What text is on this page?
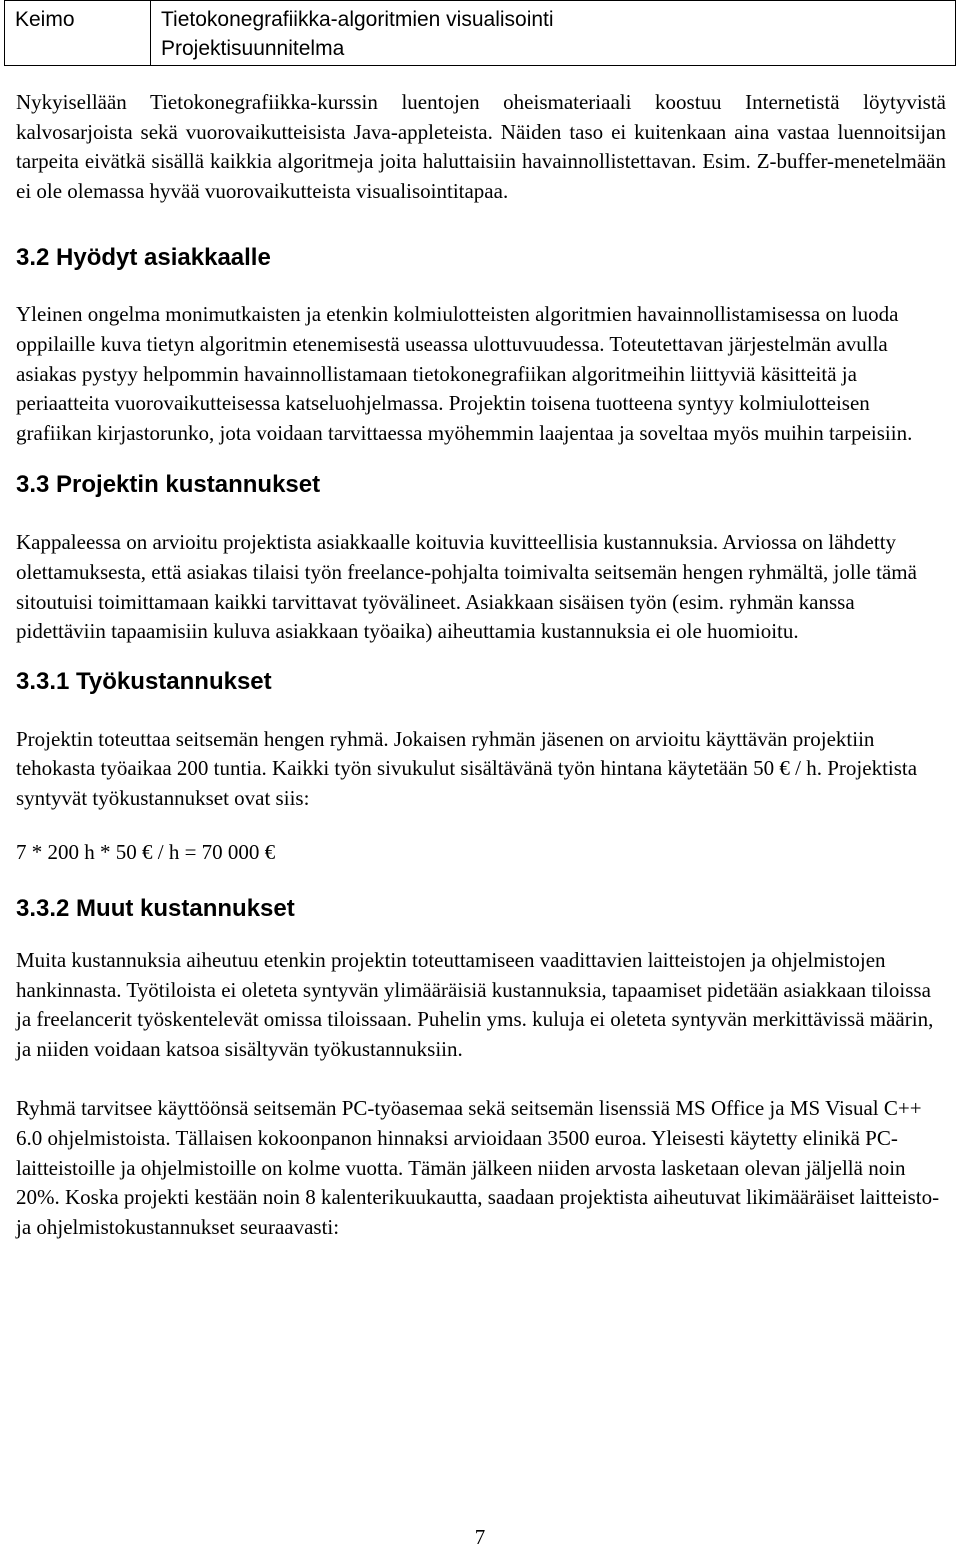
Keimo	Tietokonegrafiikka-algoritmien visualisointi
Projektisuunnitelma

Nykyisellään Tietokonegrafiikka-kurssin luentojen oheismateriaali koostuu Internetistä löytyvistä kalvosarjoista sekä vuorovaikutteisista Java-appleteista. Näiden taso ei kuitenkaan aina vastaa luennoitsijan tarpeita eivätkä sisällä kaikkia algoritmeja joita haluttaisiin havainnollistettavan. Esim. Z-buffer-menetelmään ei ole olemassa hyvää vuorovaikutteista visualisointitapaa.

3.2 Hyödyt asiakkaalle

Yleinen ongelma monimutkaisten ja etenkin kolmiulotteisten algoritmien havainnollistamisessa on luoda oppilaille kuva tietyn algoritmin etenemisestä useassa ulottuvuudessa. Toteutettavan järjestelmän avulla asiakas pystyy helpommin havainnollistamaan tietokonegrafiikan algoritmeihin liittyviä käsitteitä ja periaatteita vuorovaikutteisessa katseluohjelmassa. Projektin toisena tuotteena syntyy kolmiulotteisen grafiikan kirjastorunko, jota voidaan tarvittaessa myöhemmin laajentaa ja soveltaa myös muihin tarpeisiin.

3.3 Projektin kustannukset

Kappaleessa on arvioitu projektista asiakkaalle koituvia kuvitteellisia kustannuksia. Arviossa on lähdetty olettamuksesta, että asiakas tilaisi työn freelance-pohjalta toimivalta seitsemän hengen ryhmältä, jolle tämä sitoutuisi toimittamaan kaikki tarvittavat työvälineet. Asiakkaan sisäisen työn (esim. ryhmän kanssa pidettäviin tapaamisiin kuluva asiakkaan työaika) aiheuttamia kustannuksia ei ole huomioitu.

3.3.1 Työkustannukset

Projektin toteuttaa seitsemän hengen ryhmä. Jokaisen ryhmän jäsenen on arvioitu käyttävän projektiin tehokasta työaikaa 200 tuntia. Kaikki työn sivukulut sisältävänä työn hintana käytetään 50 € / h. Projektista syntyvät työkustannukset ovat siis:

7 * 200 h * 50 € / h = 70 000 €

3.3.2 Muut kustannukset

Muita kustannuksia aiheutuu etenkin projektin toteuttamiseen vaadittavien laitteistojen ja ohjelmistojen hankinnasta. Työtiloista ei oleteta syntyvän ylimääräisiä kustannuksia, tapaamiset pidetään asiakkaan tiloissa ja freelancerit työskentelevät omissa tiloissaan. Puhelin yms. kuluja ei oleteta syntyvän merkittävissä määrin, ja niiden voidaan katsoa sisältyvän työkustannuksiin.

Ryhmä tarvitsee käyttöönsä seitsemän PC-työasemaa sekä seitsemän lisenssiä MS Office ja MS Visual C++ 6.0 ohjelmistoista. Tällaisen kokoonpanon hinnaksi arvioidaan 3500 euroa. Yleisesti käytetty elinikä PC-laitteistoille ja ohjelmistoille on kolme vuotta. Tämän jälkeen niiden arvosta lasketaan olevan jäljellä noin 20%. Koska projekti kestään noin 8 kalenterikuukautta, saadaan projektista aiheutuvat likimääräiset laitteisto- ja ohjelmistokustannukset seuraavasti:

7
